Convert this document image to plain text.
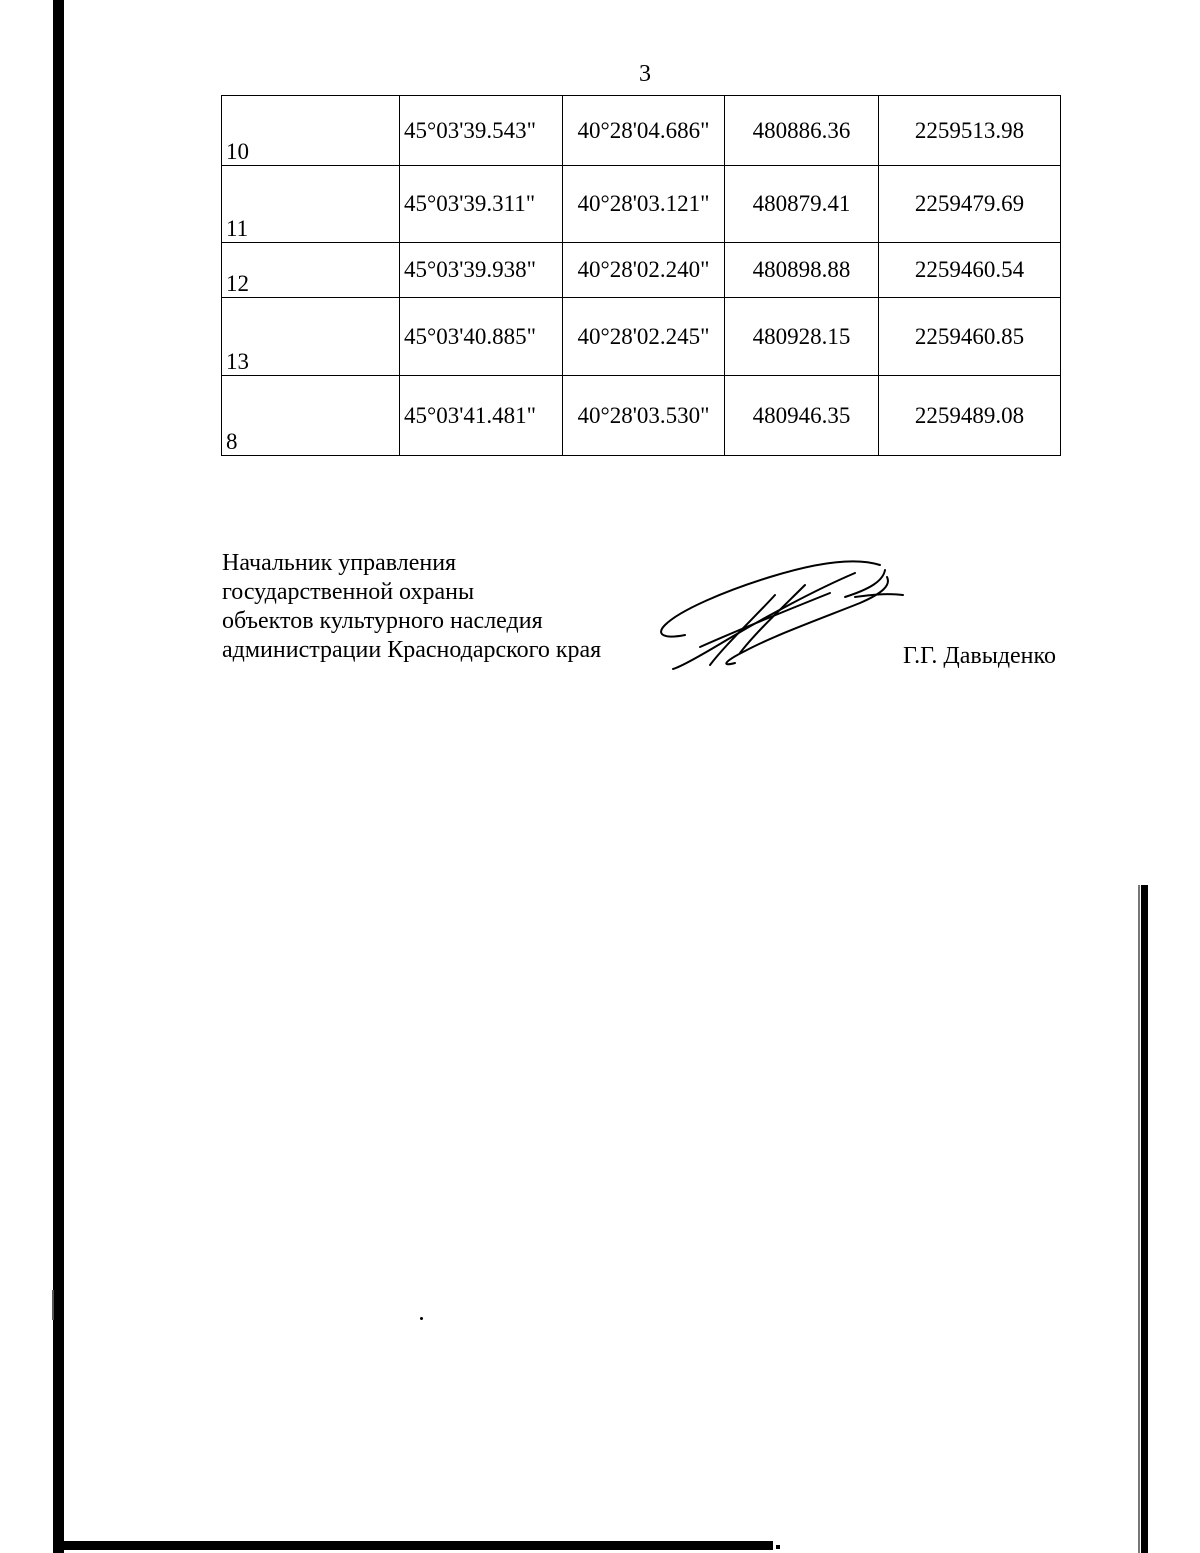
3
10	45°03'39.543"	40°28'04.686"	480886.36	2259513.98
11	45°03'39.311"	40°28'03.121"	480879.41	2259479.69
12	45°03'39.938"	40°28'02.240"	480898.88	2259460.54
13	45°03'40.885"	40°28'02.245"	480928.15	2259460.85
8	45°03'41.481"	40°28'03.530"	480946.35	2259489.08
Начальник управления
государственной охраны
объектов культурного наследия
администрации Краснодарского края	Г.Г. Давыденко
